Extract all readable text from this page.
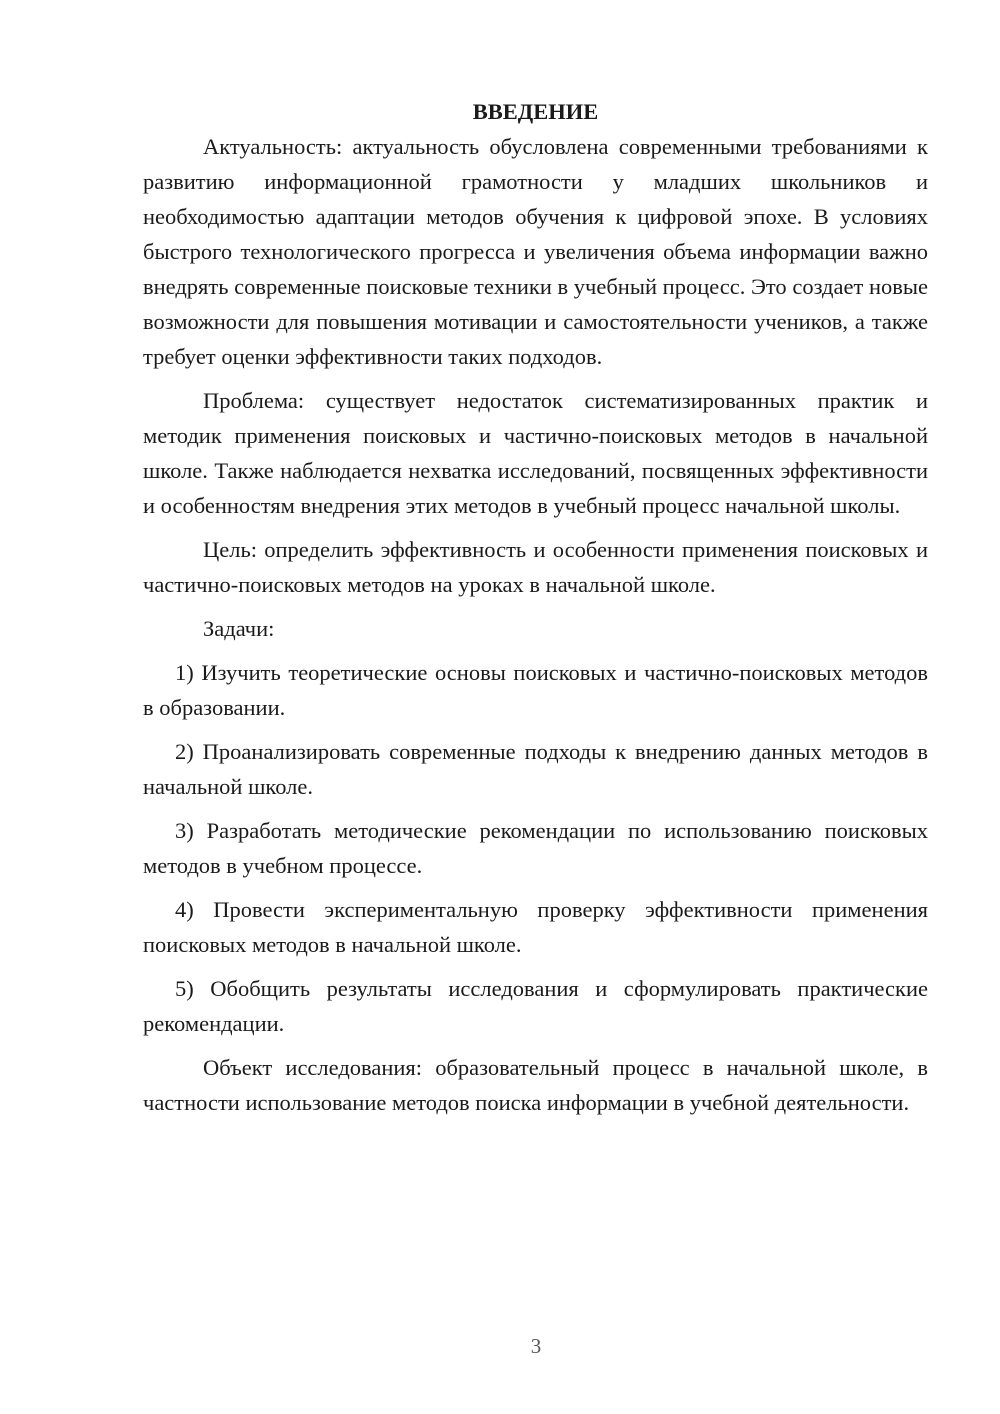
ВВЕДЕНИЕ

Актуальность: актуальность обусловлена современными требованиями к развитию информационной грамотности у младших школьников и необходимостью адаптации методов обучения к цифровой эпохе. В условиях быстрого технологического прогресса и увеличения объема информации важно внедрять современные поисковые техники в учебный процесс. Это создает новые возможности для повышения мотивации и самостоятельности учеников, а также требует оценки эффективности таких подходов.

Проблема: существует недостаток систематизированных практик и методик применения поисковых и частично-поисковых методов в начальной школе. Также наблюдается нехватка исследований, посвященных эффективности и особенностям внедрения этих методов в учебный процесс начальной школы.

Цель: определить эффективность и особенности применения поисковых и частично-поисковых методов на уроках в начальной школе.

Задачи:

1) Изучить теоретические основы поисковых и частично-поисковых методов в образовании.

2) Проанализировать современные подходы к внедрению данных методов в начальной школе.

3) Разработать методические рекомендации по использованию поисковых методов в учебном процессе.

4) Провести экспериментальную проверку эффективности применения поисковых методов в начальной школе.

5) Обобщить результаты исследования и сформулировать практические рекомендации.

Объект исследования: образовательный процесс в начальной школе, в частности использование методов поиска информации в учебной деятельности.

3
